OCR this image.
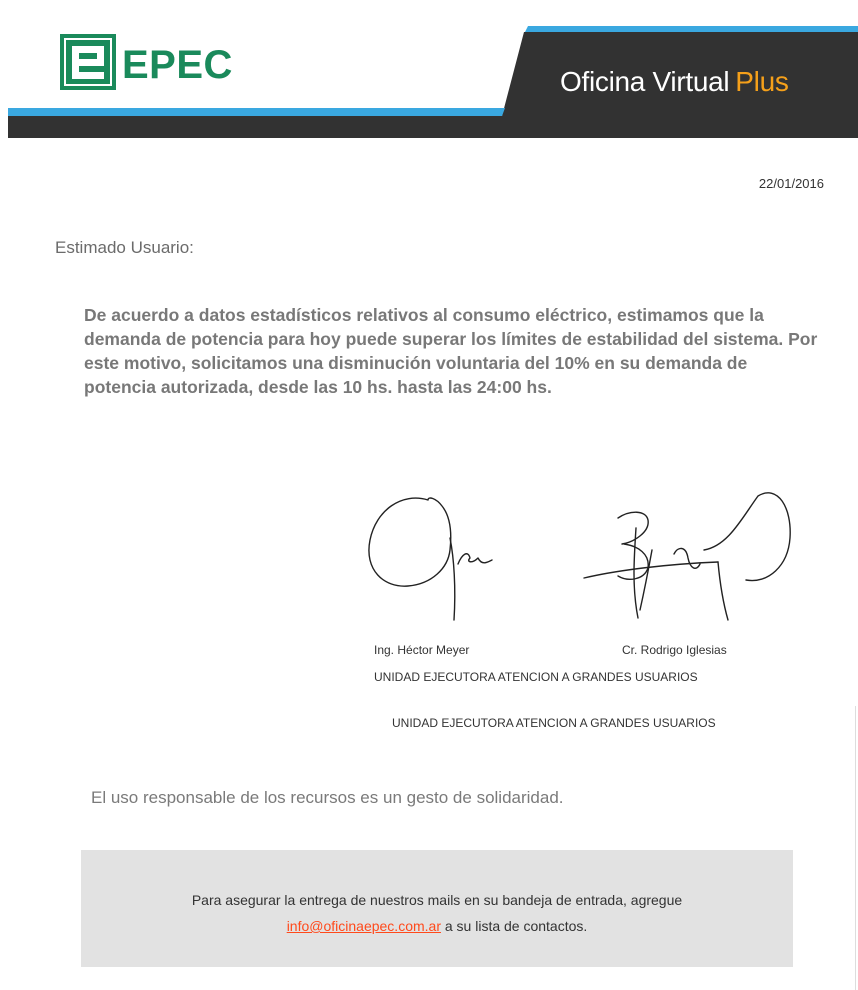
EPEC	Oficina Virtual Plus
22/01/2016
Estimado Usuario:
De acuerdo a datos estadísticos relativos al consumo eléctrico, estimamos que la demanda de potencia para hoy puede superar los límites de estabilidad del sistema. Por este motivo, solicitamos una disminución voluntaria del 10% en su demanda de potencia autorizada, desde las 10 hs. hasta las 24:00 hs.
Ing. Héctor Meyer	Cr. Rodrigo Iglesias
UNIDAD EJECUTORA ATENCION A GRANDES USUARIOS
UNIDAD EJECUTORA ATENCION A GRANDES USUARIOS
El uso responsable de los recursos es un gesto de solidaridad.
Para asegurar la entrega de nuestros mails en su bandeja de entrada, agregue
info@oficinaepec.com.ar a su lista de contactos.
